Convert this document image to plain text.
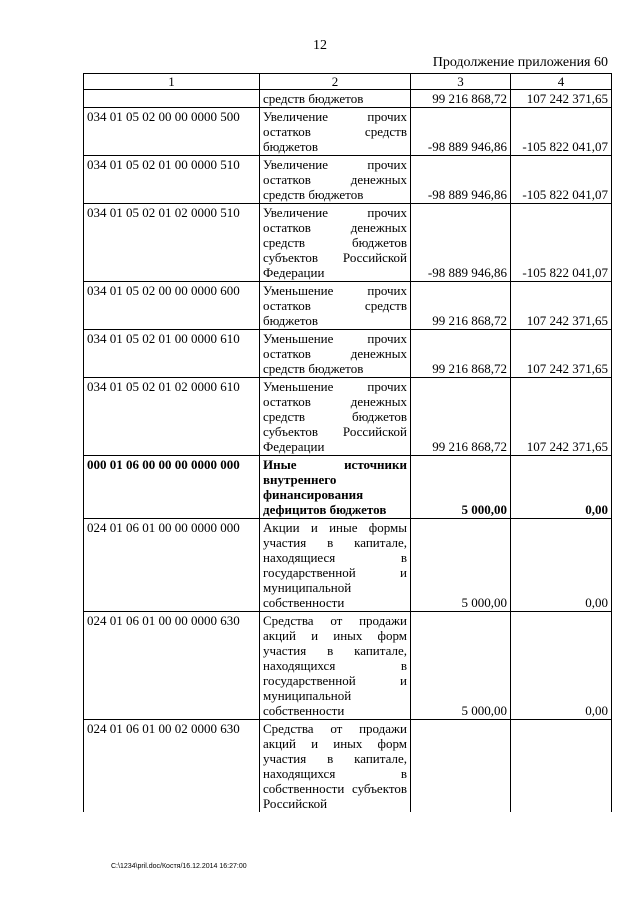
12
Продолжение приложения 60
1	2	3	4
	средств бюджетов	99 216 868,72	107 242 371,65
034 01 05 02 00 00 0000 500	Увеличение прочих остатков средств бюджетов	-98 889 946,86	-105 822 041,07
034 01 05 02 01 00 0000 510	Увеличение прочих остатков денежных средств бюджетов	-98 889 946,86	-105 822 041,07
034 01 05 02 01 02 0000 510	Увеличение прочих остатков денежных средств бюджетов субъектов Российской Федерации	-98 889 946,86	-105 822 041,07
034 01 05 02 00 00 0000 600	Уменьшение прочих остатков средств бюджетов	99 216 868,72	107 242 371,65
034 01 05 02 01 00 0000 610	Уменьшение прочих остатков денежных средств бюджетов	99 216 868,72	107 242 371,65
034 01 05 02 01 02 0000 610	Уменьшение прочих остатков денежных средств бюджетов субъектов Российской Федерации	99 216 868,72	107 242 371,65
000 01 06 00 00 00 0000 000	Иные источники внутреннего финансирования дефицитов бюджетов	5 000,00	0,00
024 01 06 01 00 00 0000 000	Акции и иные формы участия в капитале, находящиеся в государственной и муниципальной собственности	5 000,00	0,00
024 01 06 01 00 00 0000 630	Средства от продажи акций и иных форм участия в капитале, находящихся в государственной и муниципальной собственности	5 000,00	0,00
024 01 06 01 00 02 0000 630	Средства от продажи акций и иных форм участия в капитале, находящихся в собственности субъектов Российской		
C:\1234\pril.doc/Костя/16.12.2014 16:27:00
